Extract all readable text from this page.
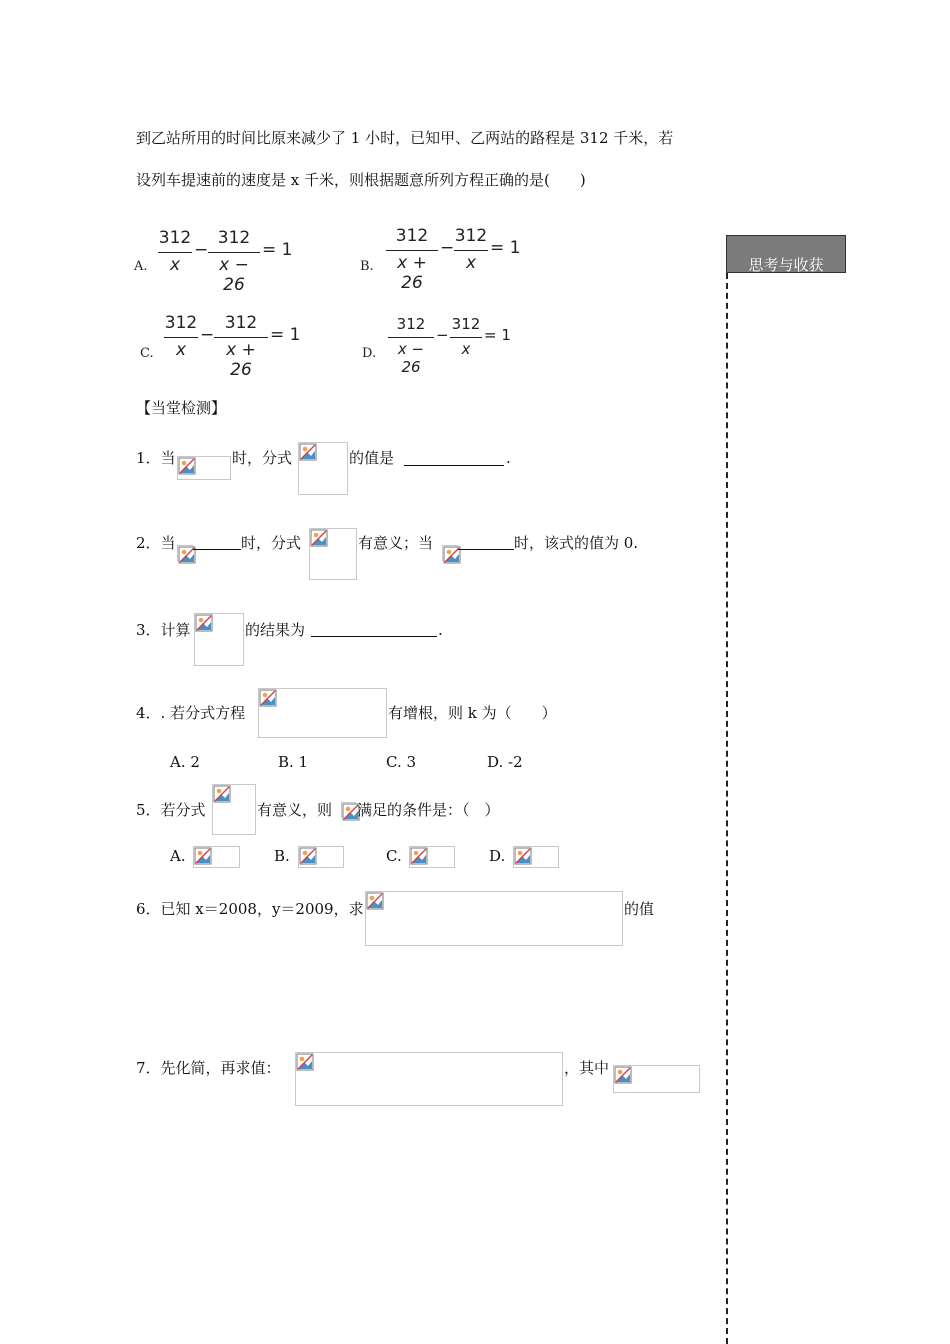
到乙站所用的时间比原来减少了 1 小时，已知甲、乙两站的路程是 312 千米，若
设列车提速前的速度是 x 千米，则根据题意所列方程正确的是(　　)
A.
312
x
−
312
x − 26
= 1
B.
312
x + 26
−
312
x
= 1
C.
312
x
−
312
x + 26
= 1
D.
312
x − 26
−
312
x
= 1
思考与收获
【当堂检测】
1．当	时，分式	的值是	.
2．当	时，分式	有意义；当	时，该式的值为 0.
3．计算	的结果为	.
4．. 若分式方程	有增根，则 k 为（　　）
A. 2	B. 1	C. 3	D. -2
5．若分式	有意义，则 满足的条件是：（　）
A.	B.	C.	D.
6．已知 x＝2008，y＝2009，求	的值
7．先化简，再求值：	，其中
